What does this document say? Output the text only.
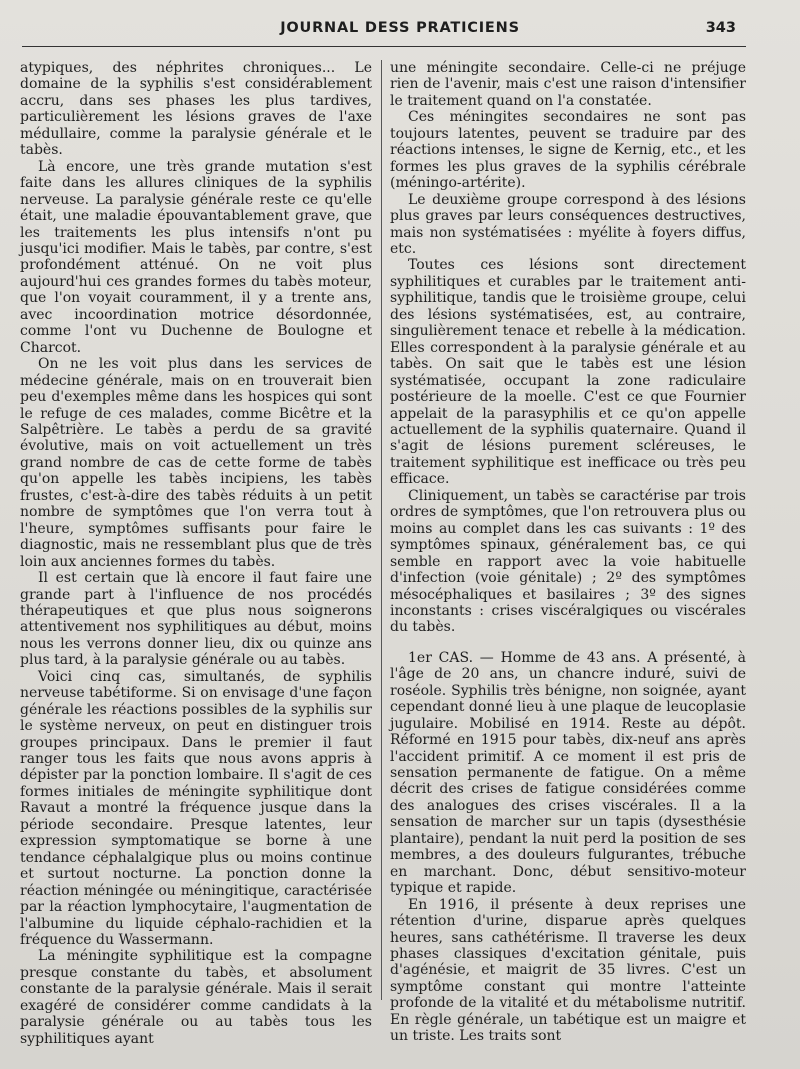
JOURNAL DESS PRATICIENS	343

atypiques, des néphrites chroniques... Le domaine de la syphilis s'est considérablement accru, dans ses phases les plus tardives, particulièrement les lésions graves de l'axe médullaire, comme la paralysie générale et le tabès.

Là encore, une très grande mutation s'est faite dans les allures cliniques de la syphilis nerveuse. La paralysie générale reste ce qu'elle était, une maladie épouvantablement grave, que les traitements les plus intensifs n'ont pu jusqu'ici modifier. Mais le tabès, par contre, s'est profondément atténué. On ne voit plus aujourd'hui ces grandes formes du tabès moteur, que l'on voyait couramment, il y a trente ans, avec incoordination motrice désordonnée, comme l'ont vu Duchenne de Boulogne et Charcot.

On ne les voit plus dans les services de médecine générale, mais on en trouverait bien peu d'exemples même dans les hospices qui sont le refuge de ces malades, comme Bicêtre et la Salpêtrière. Le tabès a perdu de sa gravité évolutive, mais on voit actuellement un très grand nombre de cas de cette forme de tabès qu'on appelle les tabès incipiens, les tabès frustes, c'est-à-dire des tabès réduits à un petit nombre de symptômes que l'on verra tout à l'heure, symptômes suffisants pour faire le diagnostic, mais ne ressemblant plus que de très loin aux anciennes formes du tabès.

Il est certain que là encore il faut faire une grande part à l'influence de nos procédés thérapeutiques et que plus nous soignerons attentivement nos syphilitiques au début, moins nous les verrons donner lieu, dix ou quinze ans plus tard, à la paralysie générale ou au tabès.

Voici cinq cas, simultanés, de syphilis nerveuse tabétiforme. Si on envisage d'une façon générale les réactions possibles de la syphilis sur le système nerveux, on peut en distinguer trois groupes principaux. Dans le premier il faut ranger tous les faits que nous avons appris à dépister par la ponction lombaire. Il s'agit de ces formes initiales de méningite syphilitique dont Ravaut a montré la fréquence jusque dans la période secondaire. Presque latentes, leur expression symptomatique se borne à une tendance céphalalgique plus ou moins continue et surtout nocturne. La ponction donne la réaction méningée ou méningitique, caractérisée par la réaction lymphocytaire, l'augmentation de l'albumine du liquide céphalo-rachidien et la fréquence du Wassermann.

La méningite syphilitique est la compagne presque constante du tabès, et absolument constante de la paralysie générale. Mais il serait exagéré de considérer comme candidats à la paralysie générale ou au tabès tous les syphilitiques ayant

une méningite secondaire. Celle-ci ne préjuge rien de l'avenir, mais c'est une raison d'intensifier le traitement quand on l'a constatée.

Ces méningites secondaires ne sont pas toujours latentes, peuvent se traduire par des réactions intenses, le signe de Kernig, etc., et les formes les plus graves de la syphilis cérébrale (méningo-artérite).

Le deuxième groupe correspond à des lésions plus graves par leurs conséquences destructives, mais non systématisées : myélite à foyers diffus, etc.

Toutes ces lésions sont directement syphilitiques et curables par le traitement anti-syphilitique, tandis que le troisième groupe, celui des lésions systématisées, est, au contraire, singulièrement tenace et rebelle à la médication. Elles correspondent à la paralysie générale et au tabès. On sait que le tabès est une lésion systématisée, occupant la zone radiculaire postérieure de la moelle. C'est ce que Fournier appelait de la parasyphilis et ce qu'on appelle actuellement de la syphilis quaternaire. Quand il s'agit de lésions purement scléreuses, le traitement syphilitique est inefficace ou très peu efficace.

Cliniquement, un tabès se caractérise par trois ordres de symptômes, que l'on retrouvera plus ou moins au complet dans les cas suivants : 1º des symptômes spinaux, généralement bas, ce qui semble en rapport avec la voie habituelle d'infection (voie génitale) ; 2º des symptômes mésocéphaliques et basilaires ; 3º des signes inconstants : crises viscéralgiques ou viscérales du tabès.

1er CAS. — Homme de 43 ans. A présenté, à l'âge de 20 ans, un chancre induré, suivi de roséole. Syphilis très bénigne, non soignée, ayant cependant donné lieu à une plaque de leucoplasie jugulaire. Mobilisé en 1914. Reste au dépôt. Réformé en 1915 pour tabès, dix-neuf ans après l'accident primitif. A ce moment il est pris de sensation permanente de fatigue. On a même décrit des crises de fatigue considérées comme des analogues des crises viscérales. Il a la sensation de marcher sur un tapis (dysesthésie plantaire), pendant la nuit perd la position de ses membres, a des douleurs fulgurantes, trébuche en marchant. Donc, début sensitivo-moteur typique et rapide.

En 1916, il présente à deux reprises une rétention d'urine, disparue après quelques heures, sans cathétérisme. Il traverse les deux phases classiques d'excitation génitale, puis d'agénésie, et maigrit de 35 livres. C'est un symptôme constant qui montre l'atteinte profonde de la vitalité et du métabolisme nutritif. En règle générale, un tabétique est un maigre et un triste. Les traits sont
